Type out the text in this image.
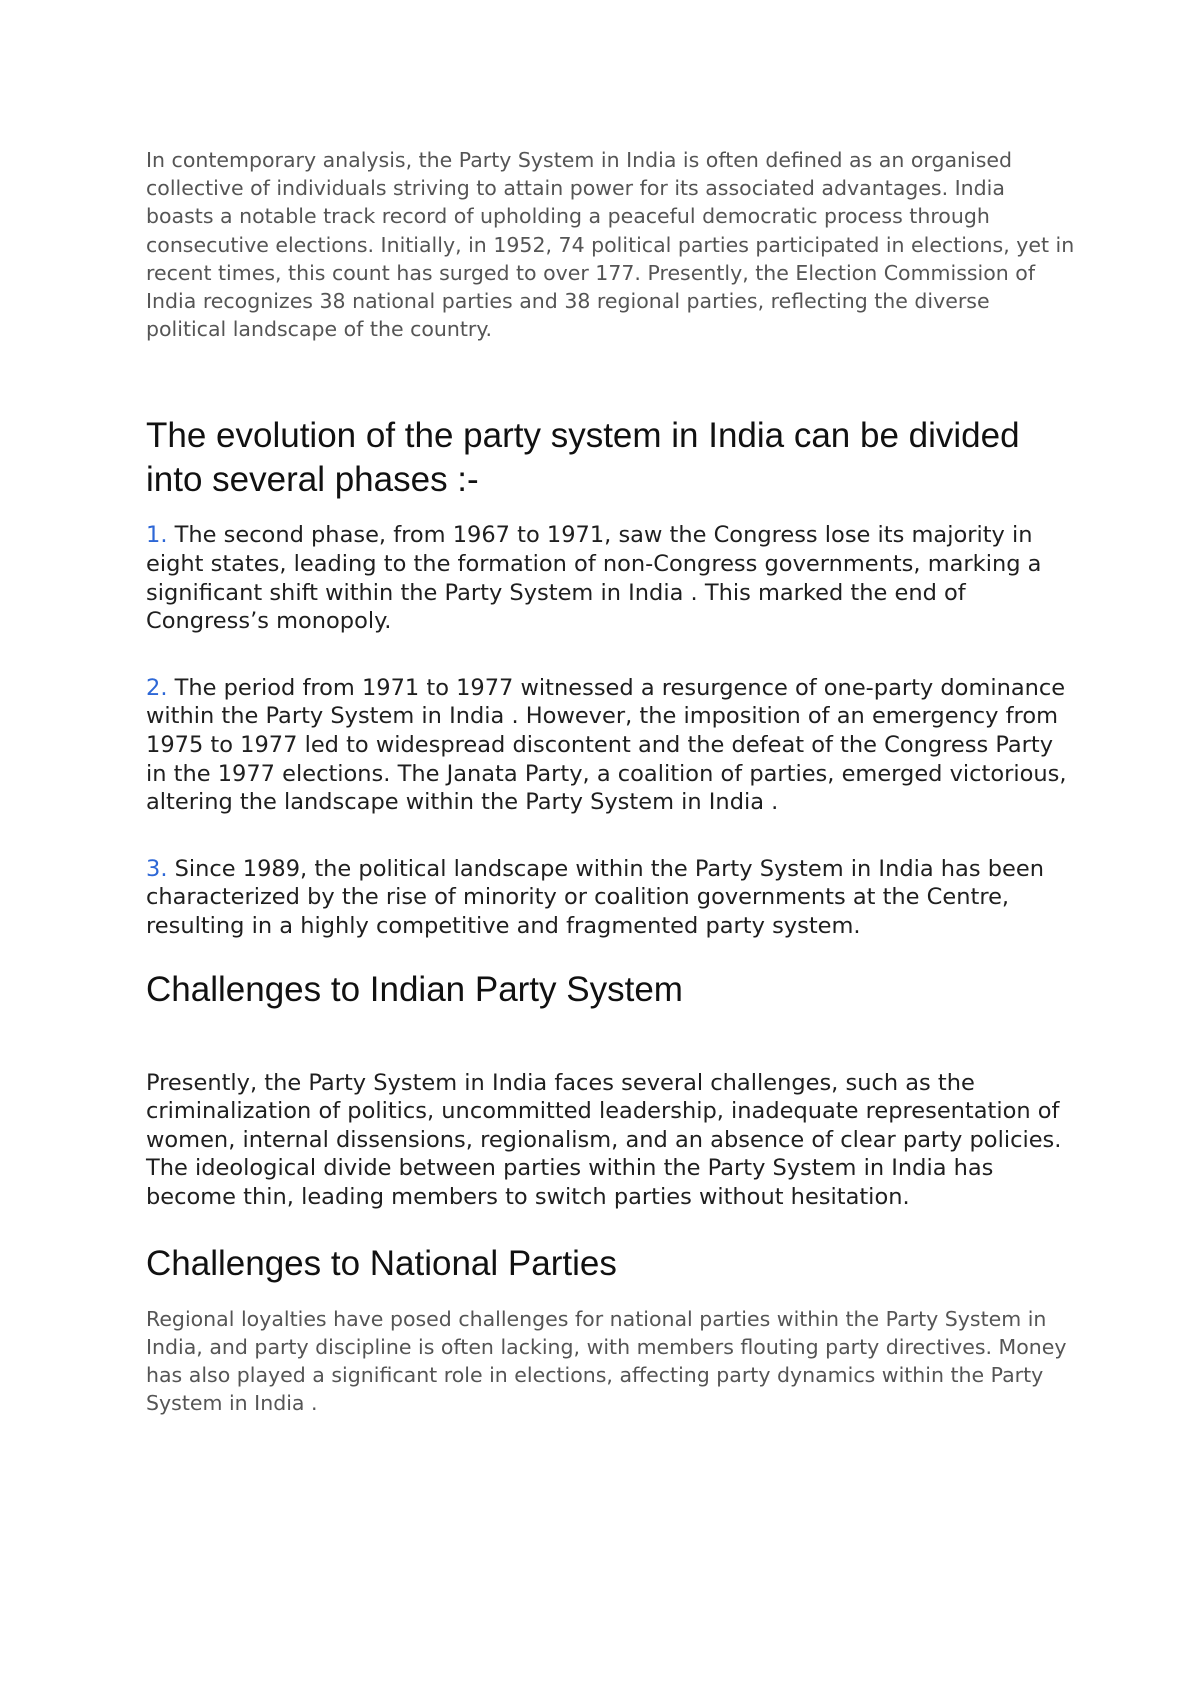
In contemporary analysis, the Party System in India is often defined as an organised collective of individuals striving to attain power for its associated advantages. India boasts a notable track record of upholding a peaceful democratic process through consecutive elections. Initially, in 1952, 74 political parties participated in elections, yet in recent times, this count has surged to over 177. Presently, the Election Commission of India recognizes 38 national parties and 38 regional parties, reflecting the diverse political landscape of the country.

The evolution of the party system in India can be divided into several phases :-
1. The second phase, from 1967 to 1971, saw the Congress lose its majority in eight states, leading to the formation of non-Congress governments, marking a significant shift within the Party System in India . This marked the end of Congress’s monopoly.
2. The period from 1971 to 1977 witnessed a resurgence of one-party dominance within the Party System in India . However, the imposition of an emergency from 1975 to 1977 led to widespread discontent and the defeat of the Congress Party in the 1977 elections. The Janata Party, a coalition of parties, emerged victorious, altering the landscape within the Party System in India .
3. Since 1989, the political landscape within the Party System in India has been characterized by the rise of minority or coalition governments at the Centre, resulting in a highly competitive and fragmented party system.
Challenges to Indian Party System

Presently, the Party System in India faces several challenges, such as the criminalization of politics, uncommitted leadership, inadequate representation of women, internal dissensions, regionalism, and an absence of clear party policies. The ideological divide between parties within the Party System in India has become thin, leading members to switch parties without hesitation.

Challenges to National Parties

Regional loyalties have posed challenges for national parties within the Party System in India, and party discipline is often lacking, with members flouting party directives. Money has also played a significant role in elections, affecting party dynamics within the Party System in India .
